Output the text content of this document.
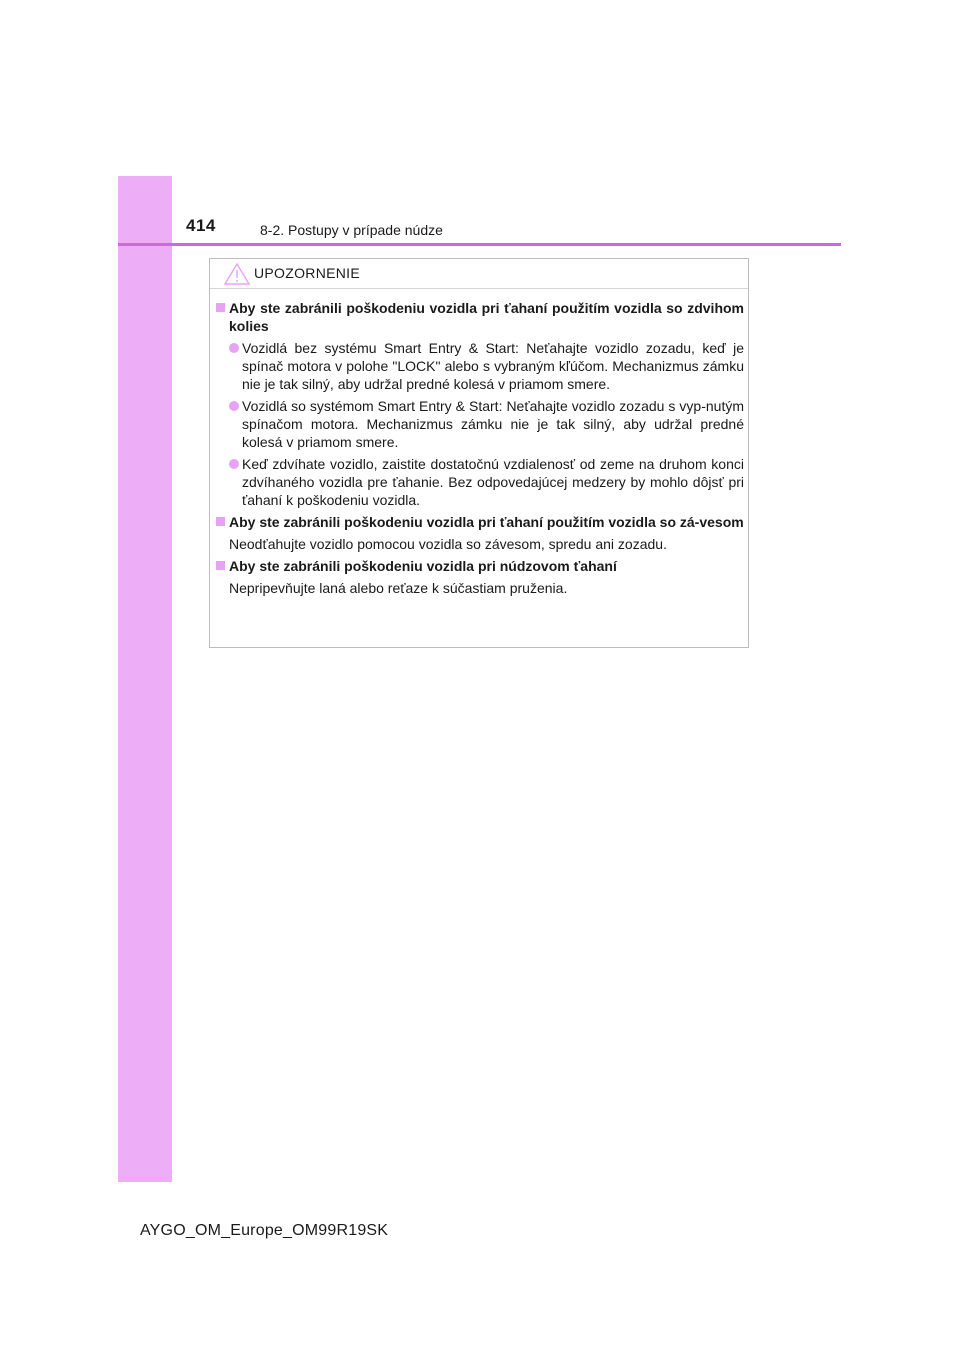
414	8-2. Postupy v prípade núdze
UPOZORNENIE

Aby ste zabránili poškodeniu vozidla pri ťahaní použitím vozidla so zdvihom kolies

Vozidlá bez systému Smart Entry & Start: Neťahajte vozidlo zozadu, keď je spínač motora v polohe "LOCK" alebo s vybraným kľúčom. Mechanizmus zámku nie je tak silný, aby udržal predné kolesá v priamom smere.

Vozidlá so systémom Smart Entry & Start: Neťahajte vozidlo zozadu s vyp-nutým spínačom motora. Mechanizmus zámku nie je tak silný, aby udržal predné kolesá v priamom smere.

Keď zdvíhate vozidlo, zaistite dostatočnú vzdialenosť od zeme na druhom konci zdvíhaného vozidla pre ťahanie. Bez odpovedajúcej medzery by mohlo dôjsť pri ťahaní k poškodeniu vozidla.

Aby ste zabránili poškodeniu vozidla pri ťahaní použitím vozidla so zá-vesom

Neodťahujte vozidlo pomocou vozidla so závesom, spredu ani zozadu.

Aby ste zabránili poškodeniu vozidla pri núdzovom ťahaní

Nepripevňujte laná alebo reťaze k súčastiam pruženia.

AYGO_OM_Europe_OM99R19SK
